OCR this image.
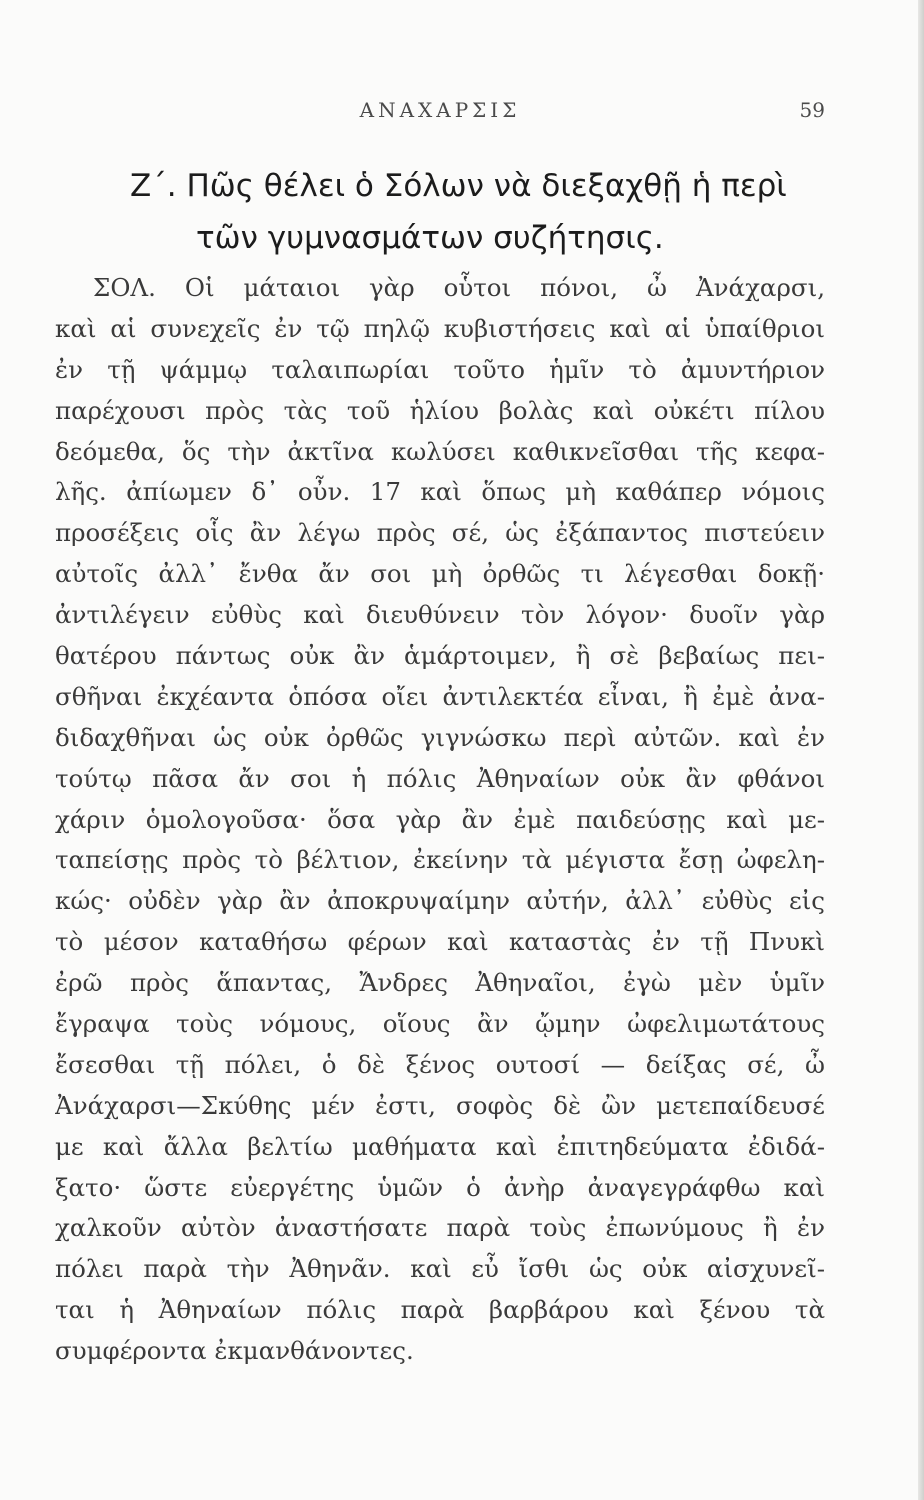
ΑΝΑΧΑΡΣΙΣ	59
Ζ΄. Πῶς θέλει ὁ Σόλων νὰ διεξαχθῇ ἡ περὶ
τῶν γυμνασμάτων συζήτησις.
ΣΟΛ. Οἱ μάταιοι γὰρ οὗτοι πόνοι, ὦ Ἀνάχαρσι,
καὶ αἱ συνεχεῖς ἐν τῷ πηλῷ κυβιστήσεις καὶ αἱ ὑπαίθριοι
ἐν τῇ ψάμμῳ ταλαιπωρίαι τοῦτο ἡμῖν τὸ ἀμυντήριον
παρέχουσι πρὸς τὰς τοῦ ἡλίου βολὰς καὶ οὐκέτι πίλου
δεόμεθα, ὅς τὴν ἀκτῖνα κωλύσει καθικνεῖσθαι τῆς κεφα-
λῆς. ἀπίωμεν δ᾿ οὖν. 17 καὶ ὅπως μὴ καθάπερ νόμοις
προσέξεις οἷς ἂν λέγω πρὸς σέ, ὡς ἐξάπαντος πιστεύειν
αὐτοῖς ἀλλ᾿ ἔνθα ἄν σοι μὴ ὀρθῶς τι λέγεσθαι δοκῇ·
ἀντιλέγειν εὐθὺς καὶ διευθύνειν τὸν λόγον· δυοῖν γὰρ
θατέρου πάντως οὐκ ἂν ἁμάρτοιμεν, ἢ σὲ βεβαίως πει-
σθῆναι ἐκχέαντα ὁπόσα οἴει ἀντιλεκτέα εἶναι, ἢ ἐμὲ ἀνα-
διδαχθῆναι ὡς οὐκ ὀρθῶς γιγνώσκω περὶ αὐτῶν. καὶ ἐν
τούτῳ πᾶσα ἄν σοι ἡ πόλις Ἀθηναίων οὐκ ἂν φθάνοι
χάριν ὁμολογοῦσα· ὅσα γὰρ ἂν ἐμὲ παιδεύσῃς καὶ με-
ταπείσῃς πρὸς τὸ βέλτιον, ἐκείνην τὰ μέγιστα ἔσῃ ὠφελη-
κώς· οὐδὲν γὰρ ἂν ἀποκρυψαίμην αὐτήν, ἀλλ᾿ εὐθὺς εἰς
τὸ μέσον καταθήσω φέρων καὶ καταστὰς ἐν τῇ Πνυκὶ
ἐρῶ πρὸς ἅπαντας, Ἄνδρες Ἀθηναῖοι, ἐγὼ μὲν ὑμῖν
ἔγραψα τοὺς νόμους, οἵους ἂν ᾤμην ὠφελιμωτάτους
ἔσεσθαι τῇ πόλει, ὁ δὲ ξένος ουτοσί — δείξας σέ, ὦ
Ἀνάχαρσι—Σκύθης μέν ἐστι, σοφὸς δὲ ὢν μετεπαίδευσέ
με καὶ ἄλλα βελτίω μαθήματα καὶ ἐπιτηδεύματα ἐδιδά-
ξατο· ὥστε εὐεργέτης ὑμῶν ὁ ἀνὴρ ἀναγεγράφθω καὶ
χαλκοῦν αὐτὸν ἀναστήσατε παρὰ τοὺς ἐπωνύμους ἢ ἐν
πόλει παρὰ τὴν Ἀθηνᾶν. καὶ εὖ ἴσθι ὡς οὐκ αἰσχυνεῖ-
ται ἡ Ἀθηναίων πόλις παρὰ βαρβάρου καὶ ξένου τὰ
συμφέροντα ἐκμανθάνοντες.
